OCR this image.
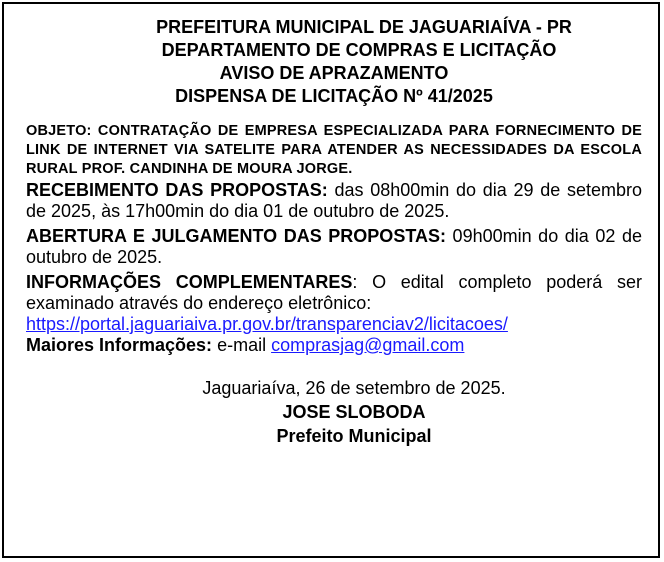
PREFEITURA MUNICIPAL DE JAGUARIAÍVA - PR
DEPARTAMENTO DE COMPRAS E LICITAÇÃO
AVISO DE APRAZAMENTO
DISPENSA DE LICITAÇÃO Nº 41/2025
OBJETO: CONTRATAÇÃO DE EMPRESA ESPECIALIZADA PARA FORNECIMENTO DE LINK DE INTERNET VIA SATELITE PARA ATENDER AS NECESSIDADES DA ESCOLA RURAL PROF. CANDINHA DE MOURA JORGE.
RECEBIMENTO DAS PROPOSTAS: das 08h00min do dia 29 de setembro de 2025, às 17h00min do dia 01 de outubro de 2025.
ABERTURA E JULGAMENTO DAS PROPOSTAS: 09h00min do dia 02 de outubro de 2025.
INFORMAÇÕES COMPLEMENTARES: O edital completo poderá ser examinado através do endereço eletrônico:
https://portal.jaguariaiva.pr.gov.br/transparenciav2/licitacoes/
Maiores Informações: e-mail comprasjag@gmail.com
Jaguariaíva, 26 de setembro de 2025.
JOSE SLOBODA
Prefeito Municipal
